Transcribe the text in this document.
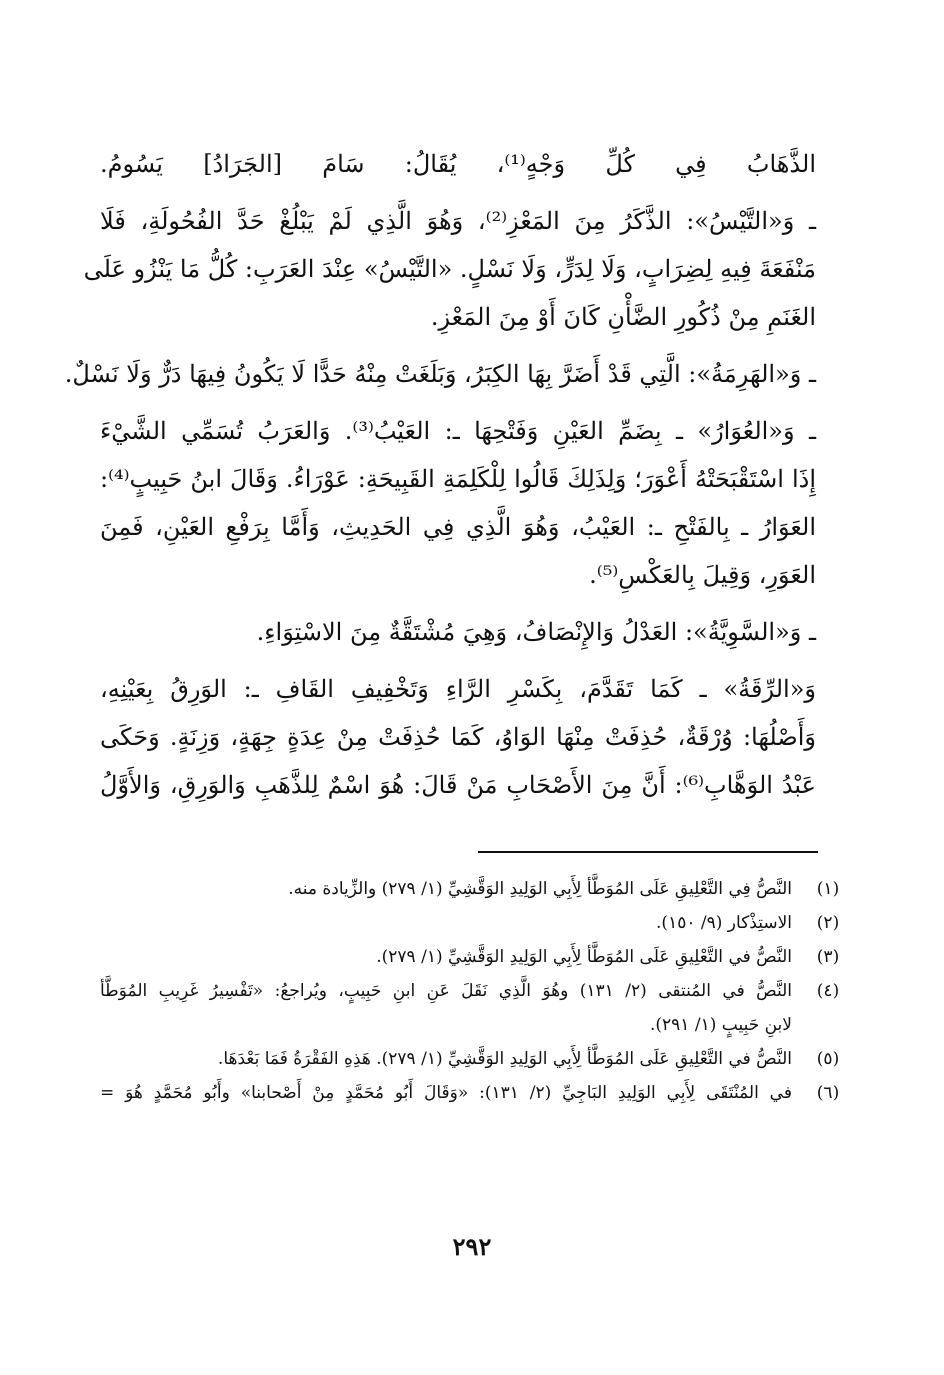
الذَّهَابُ فِي كُلِّ وَجْهٍ⁽¹⁾، يُقَالُ: سَامَ [الجَرَادُ] يَسُومُ.
ـ وَ«التَّيْسُ»: الذَّكَرُ مِنَ المَعْزِ⁽²⁾، وَهُوَ الَّذِي لَمْ يَبْلُغْ حَدَّ الفُحُولَةِ، فَلَا
مَنْفَعَةَ فِيهِ لِضِرَابٍ، وَلَا لِدَرٍّ، وَلَا نَسْلٍ. «التَّيْسُ» عِنْدَ العَرَبِ: كُلُّ مَا يَنْزُو عَلَى
الغَنَمِ مِنْ ذُكُورِ الضَّأْنِ كَانَ أَوْ مِنَ المَعْزِ.
ـ وَ«الهَرِمَةُ»: الَّتِي قَدْ أَضَرَّ بِهَا الكِبَرُ، وَبَلَغَتْ مِنْهُ حَدًّا لَا يَكُونُ فِيهَا دَرٌّ وَلَا نَسْلٌ.
ـ وَ«العُوَارُ» ـ بِضَمِّ العَيْنِ وَفَتْحِهَا ـ: العَيْبُ⁽³⁾. وَالعَرَبُ تُسَمِّي الشَّيْءَ
إِذَا اسْتَقْبَحَتْهُ أَعْوَرَ؛ وَلِذَلِكَ قَالُوا لِلْكَلِمَةِ القَبِيحَةِ: عَوْرَاءُ. وَقَالَ ابنُ حَبِيبٍ⁽⁴⁾:
العَوَارُ ـ بِالفَتْحِ ـ: العَيْبُ، وَهُوَ الَّذِي فِي الحَدِيثِ، وَأَمَّا بِرَفْعِ العَيْنِ، فَمِنَ
العَوَرِ، وَقِيلَ بِالعَكْسِ⁽⁵⁾.
ـ وَ«السَّوِيَّةُ»: العَدْلُ وَالإِنْصَافُ، وَهِيَ مُشْتَقَّةٌ مِنَ الاسْتِوَاءِ.
وَ«الرِّقَةُ» ـ كَمَا تَقَدَّمَ، بِكَسْرِ الرَّاءِ وَتَخْفِيفِ القَافِ ـ: الوَرِقُ بِعَيْنِهِ،
وَأَصْلُهَا: وُرْقَةٌ، حُذِفَتْ مِنْهَا الوَاوُ، كَمَا حُذِفَتْ مِنْ عِدَةٍ جِهَةٍ، وَزِنَةٍ. وَحَكَى
عَبْدُ الوَهَّابِ⁽⁶⁾: أَنَّ مِنَ الأَصْحَابِ مَنْ قَالَ: هُوَ اسْمٌ لِلذَّهَبِ وَالوَرِقِ، وَالأَوَّلُ
(١)
النَّصُّ فِي التَّعْلِيقِ عَلَى المُوَطَّأ لِأَبِي الوَلِيدِ الوَقَّشِيِّ (١/ ٢٧٩) والزِّيادة منه.
(٢)
الاستِذْكار (٩/ ١٥٠).
(٣)
النَّصُّ في التَّعْلِيقِ عَلَى المُوَطَّأ لِأَبِي الوَلِيدِ الوَقَّشِيِّ (١/ ٢٧٩).
(٤)
النَّصُّ في المُنتقى (٢/ ١٣١) وهُوَ الَّذِي نَقَلَ عَنِ ابنِ حَبِيبٍ، ويُراجعُ: «تَفْسِيرُ غَرِيبِ المُوَطَّأ
لابنِ حَبِيبٍ (١/ ٢٩١).
(٥)
النَّصُّ في التَّعْلِيقِ عَلَى المُوَطَّأ لِأَبِي الوَلِيدِ الوَقَّشِيِّ (١/ ٢٧٩). هَذِهِ الفَقْرَةُ فَمَا بَعْدَهَا.
(٦)
في المُنْتَقَى لِأَبِي الوَلِيدِ البَاجِيِّ (٢/ ١٣١): «وَقَالَ أَبُو مُحَمَّدٍ مِنْ أَصْحابنا» وأَبُو مُحَمَّدٍ هُوَ =
٢٩٢
